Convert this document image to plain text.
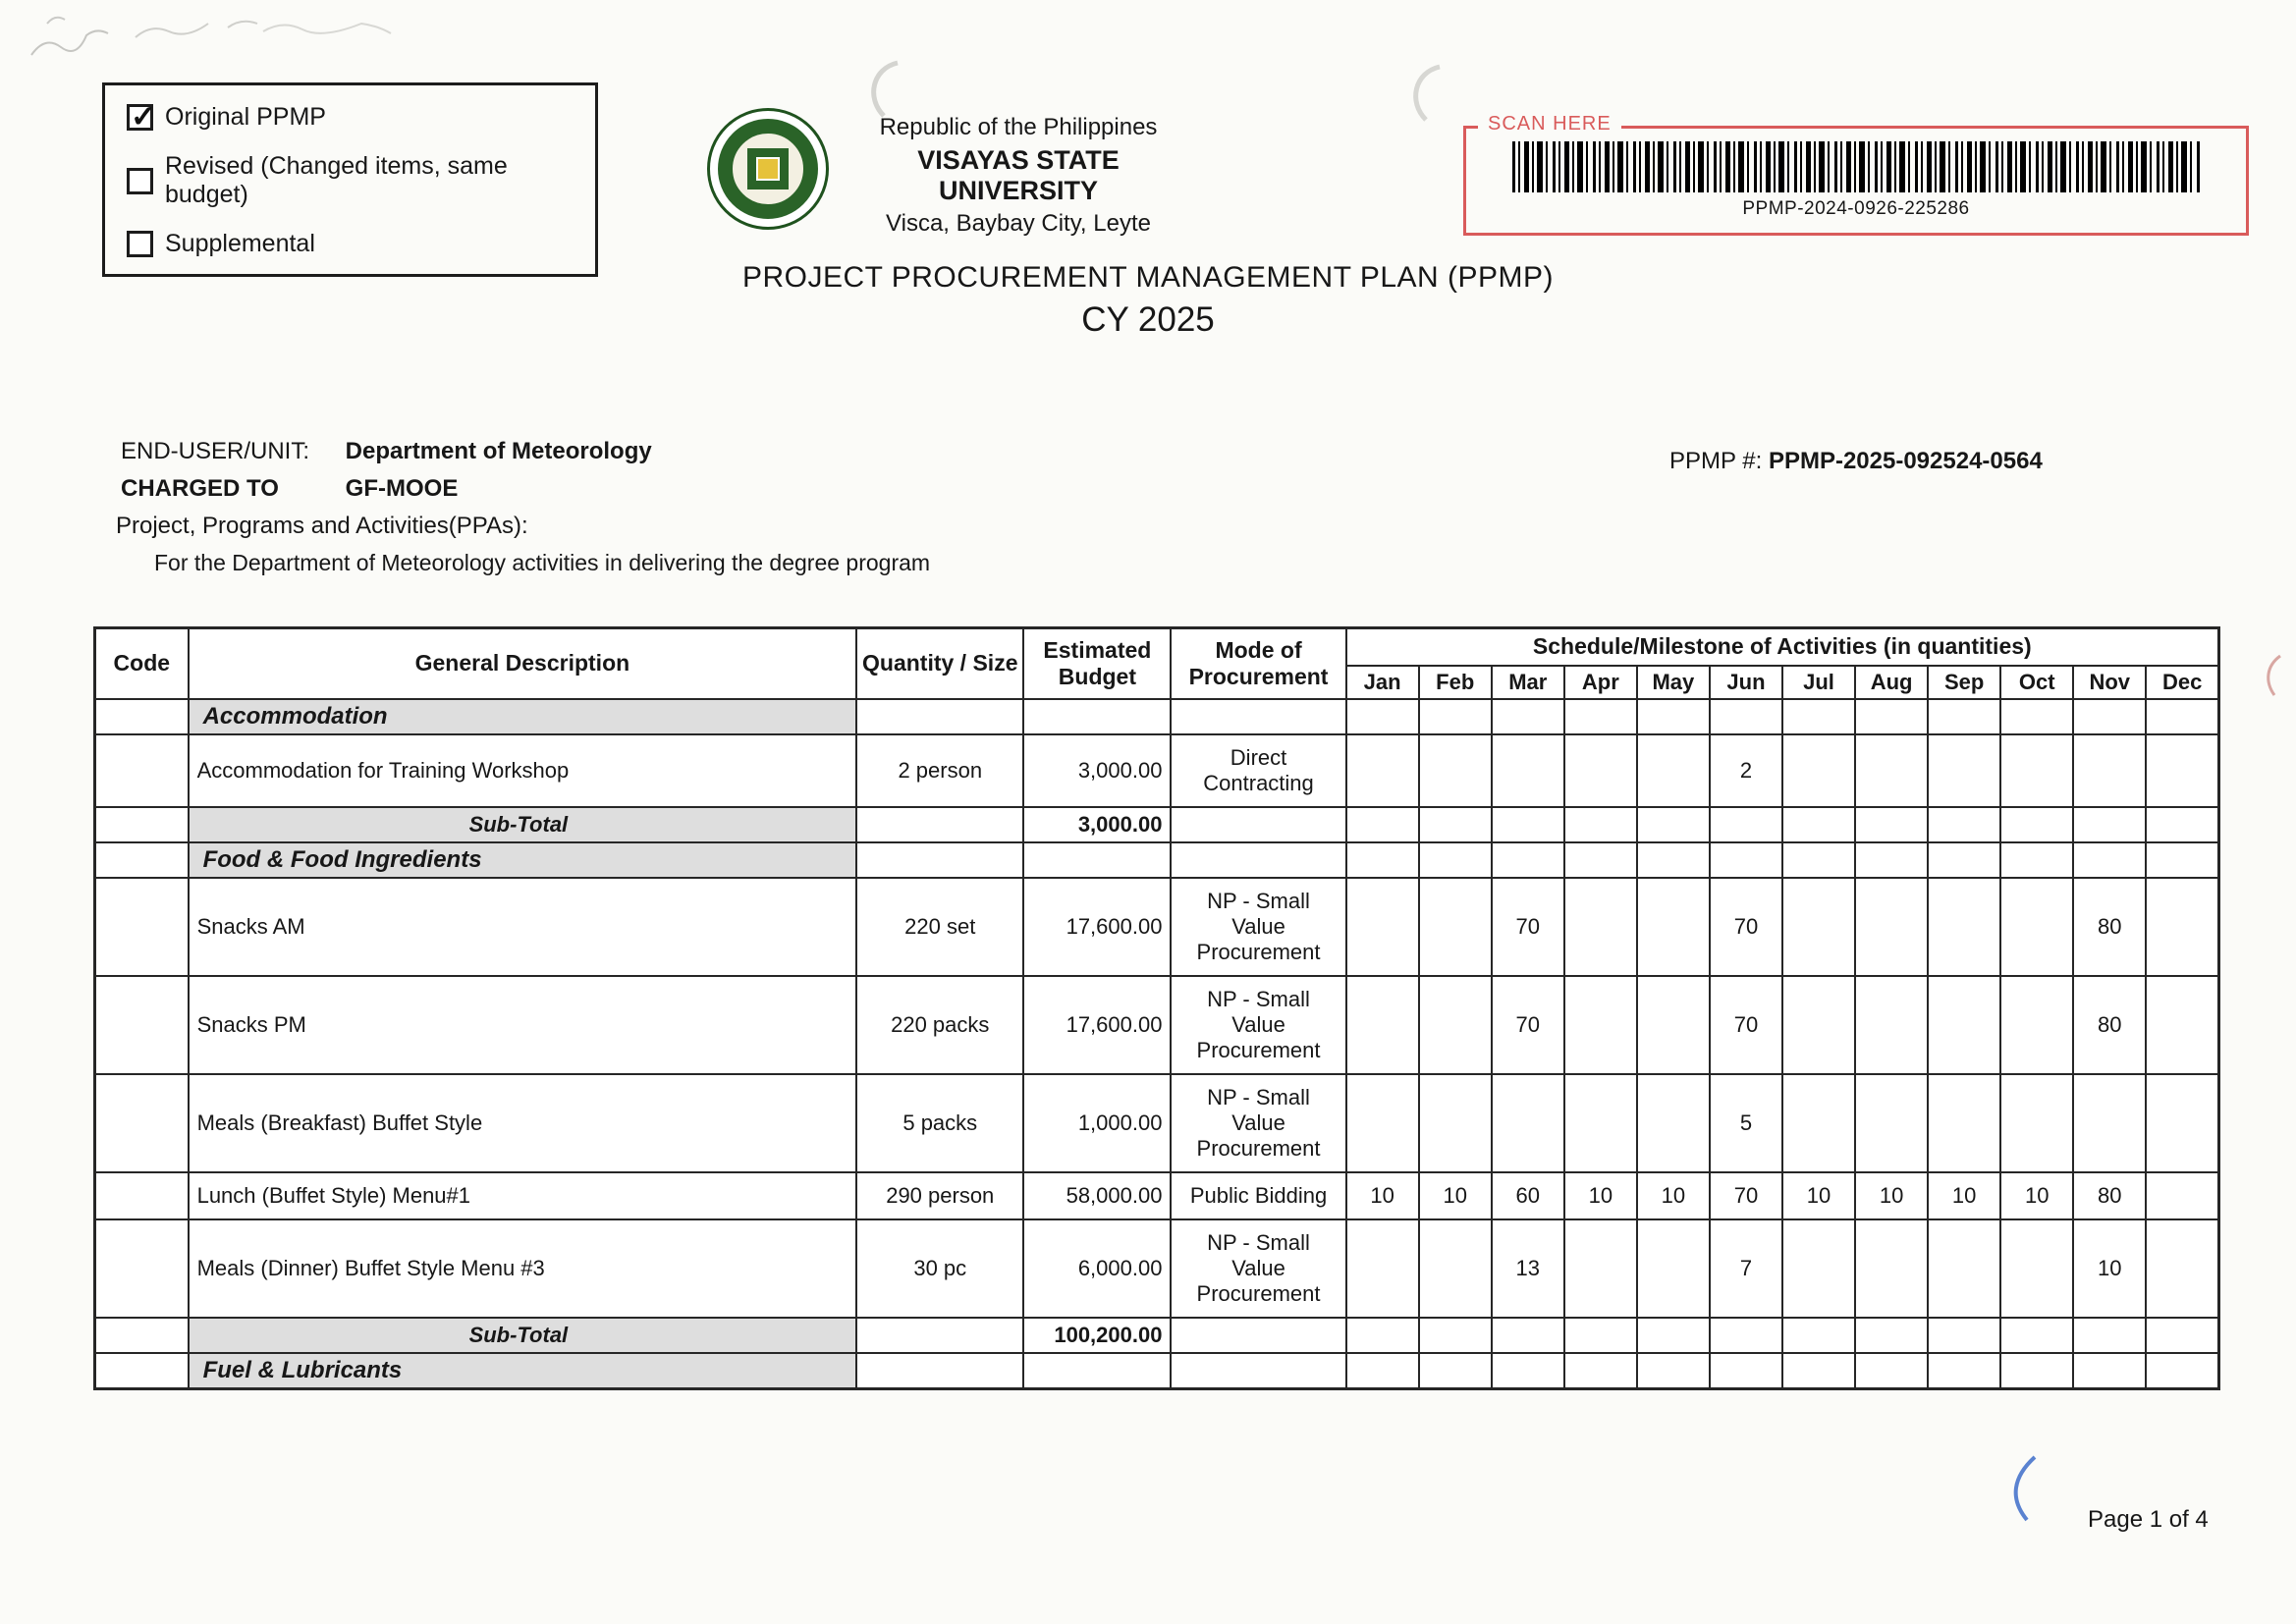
✓
Original PPMP
Revised (Changed items, same budget)
Supplemental
Republic of the Philippines
VISAYAS STATE UNIVERSITY
Visca, Baybay City, Leyte
SCAN HERE
PPMP-2024-0926-225286
PROJECT PROCUREMENT MANAGEMENT PLAN (PPMP)
CY 2025
END-USER/UNIT: Department of Meteorology	PPMP #: PPMP-2025-092524-0564
CHARGED TO	GF-MOOE
Project, Programs and Activities(PPAs):
For the Department of Meteorology activities in delivering the degree program
Code	General Description	Quantity / Size	Estimated Budget	Mode of Procurement	Schedule/Milestone of Activities (in quantities)											
					Jan	Feb	Mar	Apr	May	Jun	Jul	Aug	Sep	Oct	Nov	Dec
	Accommodation															
	Accommodation for Training Workshop	2 person	3,000.00	Direct Contracting						2						
	Sub-Total		3,000.00													
	Food & Food Ingredients															
	Snacks AM	220 set	17,600.00	NP - Small Value Procurement			70			70					80	
	Snacks PM	220 packs	17,600.00	NP - Small Value Procurement			70			70					80	
	Meals (Breakfast) Buffet Style	5 packs	1,000.00	NP - Small Value Procurement						5						
	Lunch (Buffet Style) Menu#1	290 person	58,000.00	Public Bidding	10	10	60	10	10	70	10	10	10	10	80	
	Meals (Dinner) Buffet Style Menu #3	30 pc	6,000.00	NP - Small Value Procurement			13			7					10	
	Sub-Total		100,200.00													
	Fuel & Lubricants															
Page 1 of 4
